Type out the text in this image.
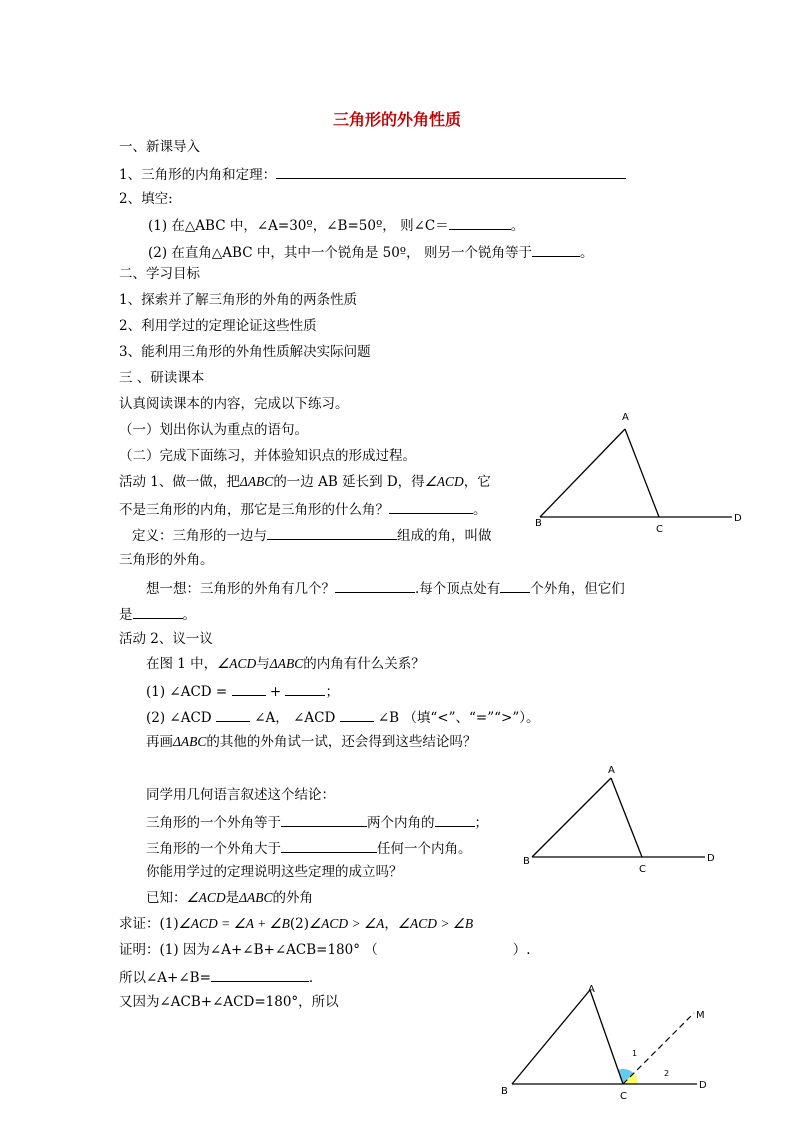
三角形的外角性质
一、新课导入
1、三角形的内角和定理：
2、填空:
(1) 在△ABC 中，∠A=30º，∠B=50º， 则∠C＝	。
(2) 在直角△ABC 中，其中一个锐角是 50º， 则另一个锐角等于	。
二、学习目标
1、探索并了解三角形的外角的两条性质
2、利用学过的定理论证这些性质
3、能利用三角形的外角性质解决实际问题
三 、研读课本
认真阅读课本的内容，完成以下练习。
（一）划出你认为重点的语句。
（二）完成下面练习，并体验知识点的形成过程。
活动 1、做一做，把ΔABC的一边 AB 延长到 D，得∠ACD，它
不是三角形的内角，那它是三角形的什么角？	。
定义：三角形的一边与	组成的角，叫做
三角形的外角。
想一想：三角形的外角有几个？	.每个顶点处有 个外角，但它们
是	。
活动 2、议一议
在图 1 中，∠ACD与ΔABC的内角有什么关系？
(1) ∠ACD =	+	；
(2) ∠ACD	∠A， ∠ACD	∠B （填“<”、“=”“>”）。
再画ΔABC的其他的外角试一试，还会得到这些结论吗？
同学用几何语言叙述这个结论：
三角形的一个外角等于	两个内角的	；
三角形的一个外角大于	任何一个内角。
你能用学过的定理说明这些定理的成立吗？
已知：∠ACD是ΔABC的外角
求证：(1)∠ACD = ∠A + ∠B(2)∠ACD > ∠A，∠ACD > ∠B
证明：(1) 因为∠A+∠B+∠ACB=180° （	）.
所以∠A+∠B=	.
又因为∠ACB+∠ACD=180°，所以
A
B
C
D
A
B
C
D
A
B	C
D
M
1
2
